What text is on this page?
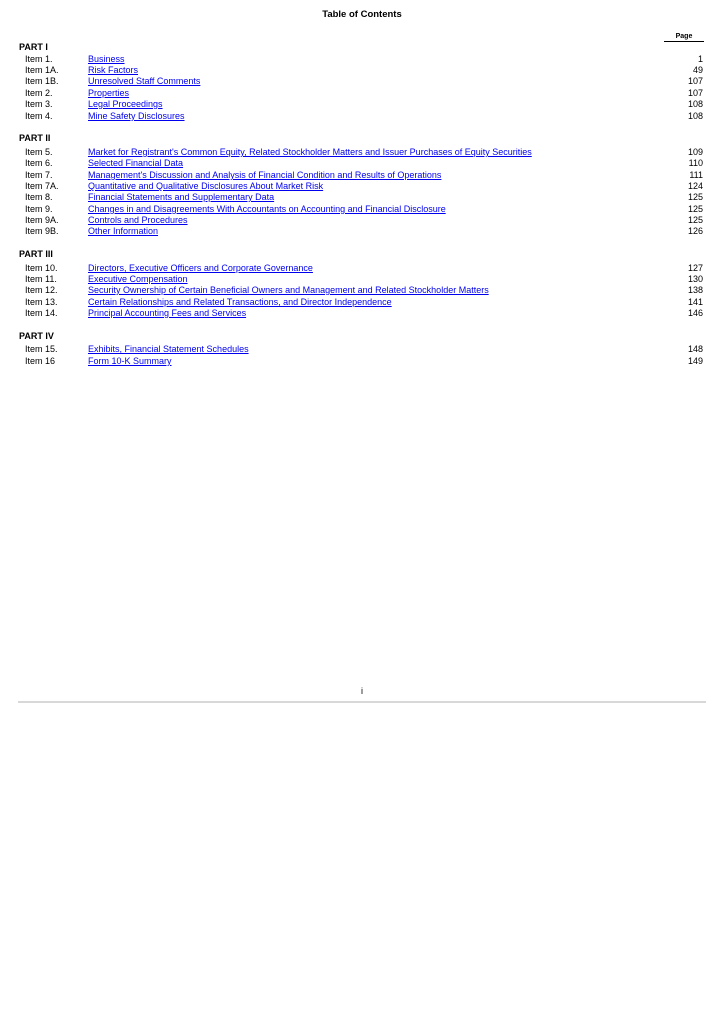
Table of Contents
Page
PART I
Item 1.	Business	1
Item 1A.	Risk Factors	49
Item 1B.	Unresolved Staff Comments	107
Item 2.	Properties	107
Item 3.	Legal Proceedings	108
Item 4.	Mine Safety Disclosures	108
PART II
Item 5.	Market for Registrant's Common Equity, Related Stockholder Matters and Issuer Purchases of Equity Securities	109
Item 6.	Selected Financial Data	110
Item 7.	Management's Discussion and Analysis of Financial Condition and Results of Operations	111
Item 7A.	Quantitative and Qualitative Disclosures About Market Risk	124
Item 8.	Financial Statements and Supplementary Data	125
Item 9.	Changes in and Disagreements With Accountants on Accounting and Financial Disclosure	125
Item 9A.	Controls and Procedures	125
Item 9B.	Other Information	126
PART III
Item 10.	Directors, Executive Officers and Corporate Governance	127
Item 11.	Executive Compensation	130
Item 12.	Security Ownership of Certain Beneficial Owners and Management and Related Stockholder Matters	138
Item 13.	Certain Relationships and Related Transactions, and Director Independence	141
Item 14.	Principal Accounting Fees and Services	146
PART IV
Item 15.	Exhibits, Financial Statement Schedules	148
Item 16	Form 10-K Summary	149
i
